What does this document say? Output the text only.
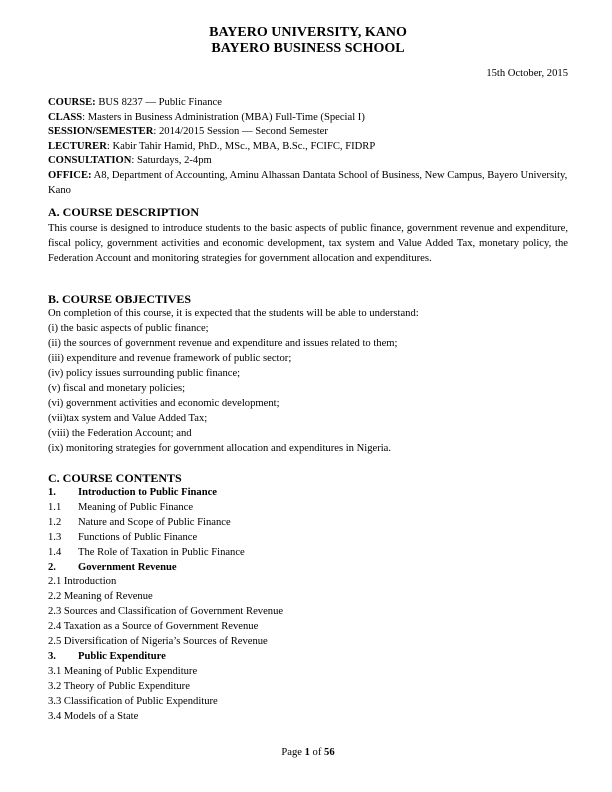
BAYERO UNIVERSITY, KANO
BAYERO BUSINESS SCHOOL
15th October, 2015
COURSE: BUS 8237 — Public Finance
CLASS: Masters in Business Administration (MBA) Full-Time (Special I)
SESSION/SEMESTER: 2014/2015 Session — Second Semester
LECTURER: Kabir Tahir Hamid, PhD., MSc., MBA, B.Sc., FCIFC, FIDRP
CONSULTATION: Saturdays, 2-4pm
OFFICE: A8, Department of Accounting, Aminu Alhassan Dantata School of Business, New Campus, Bayero University, Kano
A. COURSE DESCRIPTION
This course is designed to introduce students to the basic aspects of public finance, government revenue and expenditure, fiscal policy, government activities and economic development, tax system and Value Added Tax, monetary policy, the Federation Account and monitoring strategies for government allocation and expenditures.
B. COURSE OBJECTIVES
On completion of this course, it is expected that the students will be able to understand:
(i) the basic aspects of public finance;
(ii) the sources of government revenue and expenditure and issues related to them;
(iii) expenditure and revenue framework of public sector;
(iv) policy issues surrounding public finance;
(v) fiscal and monetary policies;
(vi) government activities and economic development;
(vii)tax system and Value Added Tax;
(viii) the Federation Account; and
(ix) monitoring strategies for government allocation and expenditures in Nigeria.
C. COURSE CONTENTS
1. Introduction to Public Finance
1.1 Meaning of Public Finance
1.2 Nature and Scope of Public Finance
1.3 Functions of Public Finance
1.4 The Role of Taxation in Public Finance
2. Government Revenue
2.1 Introduction
2.2 Meaning of Revenue
2.3 Sources and Classification of Government Revenue
2.4 Taxation as a Source of Government Revenue
2.5 Diversification of Nigeria’s Sources of Revenue
3. Public Expenditure
3.1 Meaning of Public Expenditure
3.2 Theory of Public Expenditure
3.3 Classification of Public Expenditure
3.4 Models of a State
Page 1 of 56
